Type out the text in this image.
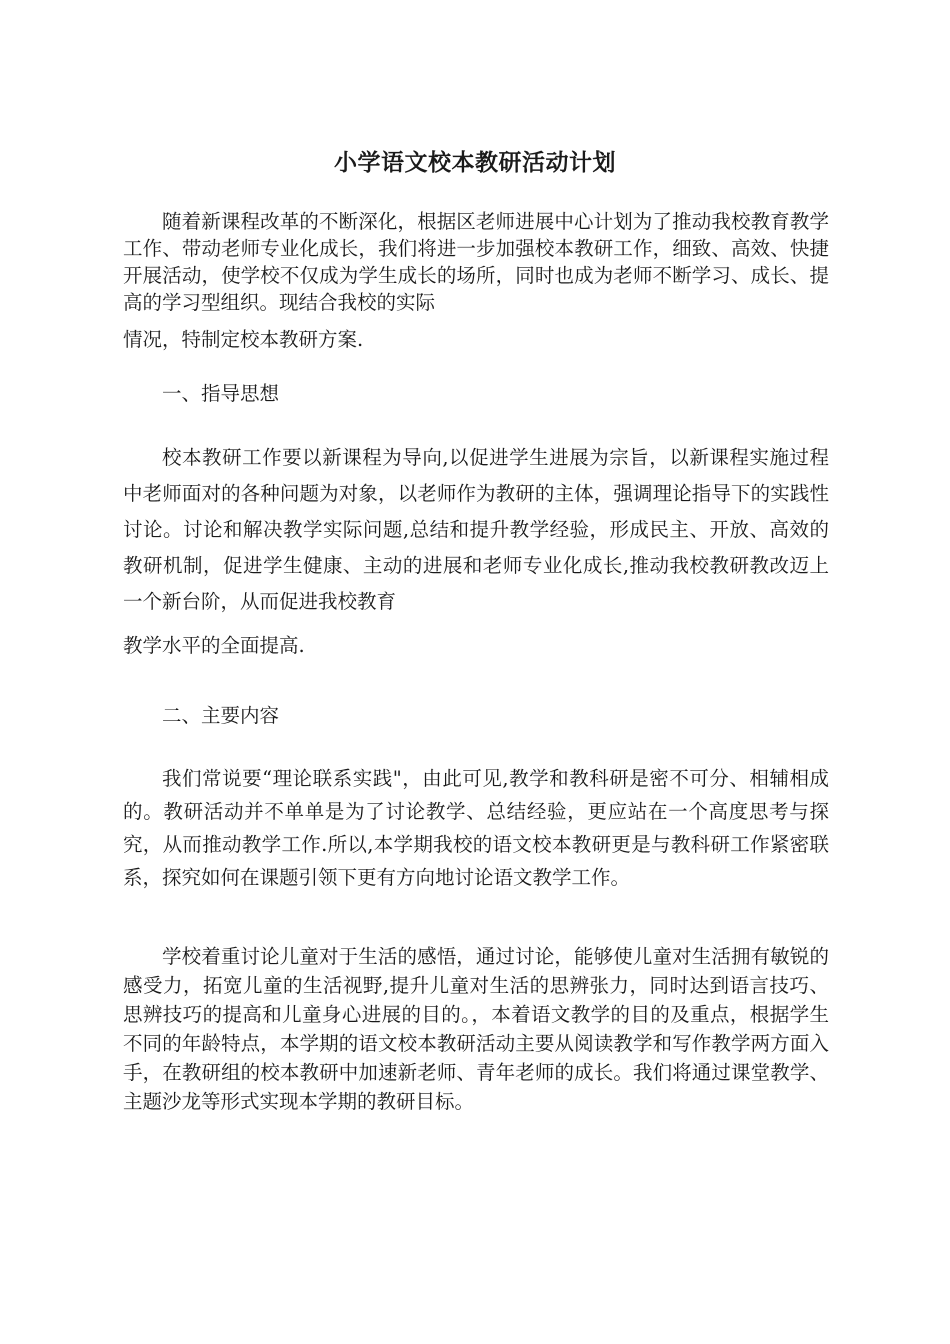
小学语文校本教研活动计划

随着新课程改革的不断深化，根据区老师进展中心计划为了推动我校教育教学工作、带动老师专业化成长，我们将进一步加强校本教研工作，细致、高效、快捷开展活动，使学校不仅成为学生成长的场所，同时也成为老师不断学习、成长、提高的学习型组织。现结合我校的实际
情况，特制定校本教研方案.

一、指导思想

校本教研工作要以新课程为导向,以促进学生进展为宗旨，以新课程实施过程中老师面对的各种问题为对象，以老师作为教研的主体，强调理论指导下的实践性讨论。讨论和解决教学实际问题,总结和提升教学经验，形成民主、开放、高效的教研机制，促进学生健康、主动的进展和老师专业化成长,推动我校教研教改迈上一个新台阶，从而促进我校教育
教学水平的全面提高.

二、主要内容

我们常说要“理论联系实践"，由此可见,教学和教科研是密不可分、相辅相成的。教研活动并不单单是为了讨论教学、总结经验，更应站在一个高度思考与探究，从而推动教学工作.所以,本学期我校的语文校本教研更是与教科研工作紧密联系，探究如何在课题引领下更有方向地讨论语文教学工作。

学校着重讨论儿童对于生活的感悟，通过讨论，能够使儿童对生活拥有敏锐的感受力，拓宽儿童的生活视野,提升儿童对生活的思辨张力，同时达到语言技巧、思辨技巧的提高和儿童身心进展的目的。，本着语文教学的目的及重点，根据学生不同的年龄特点，本学期的语文校本教研活动主要从阅读教学和写作教学两方面入手，在教研组的校本教研中加速新老师、青年老师的成长。我们将通过课堂教学、主题沙龙等形式实现本学期的教研目标。
